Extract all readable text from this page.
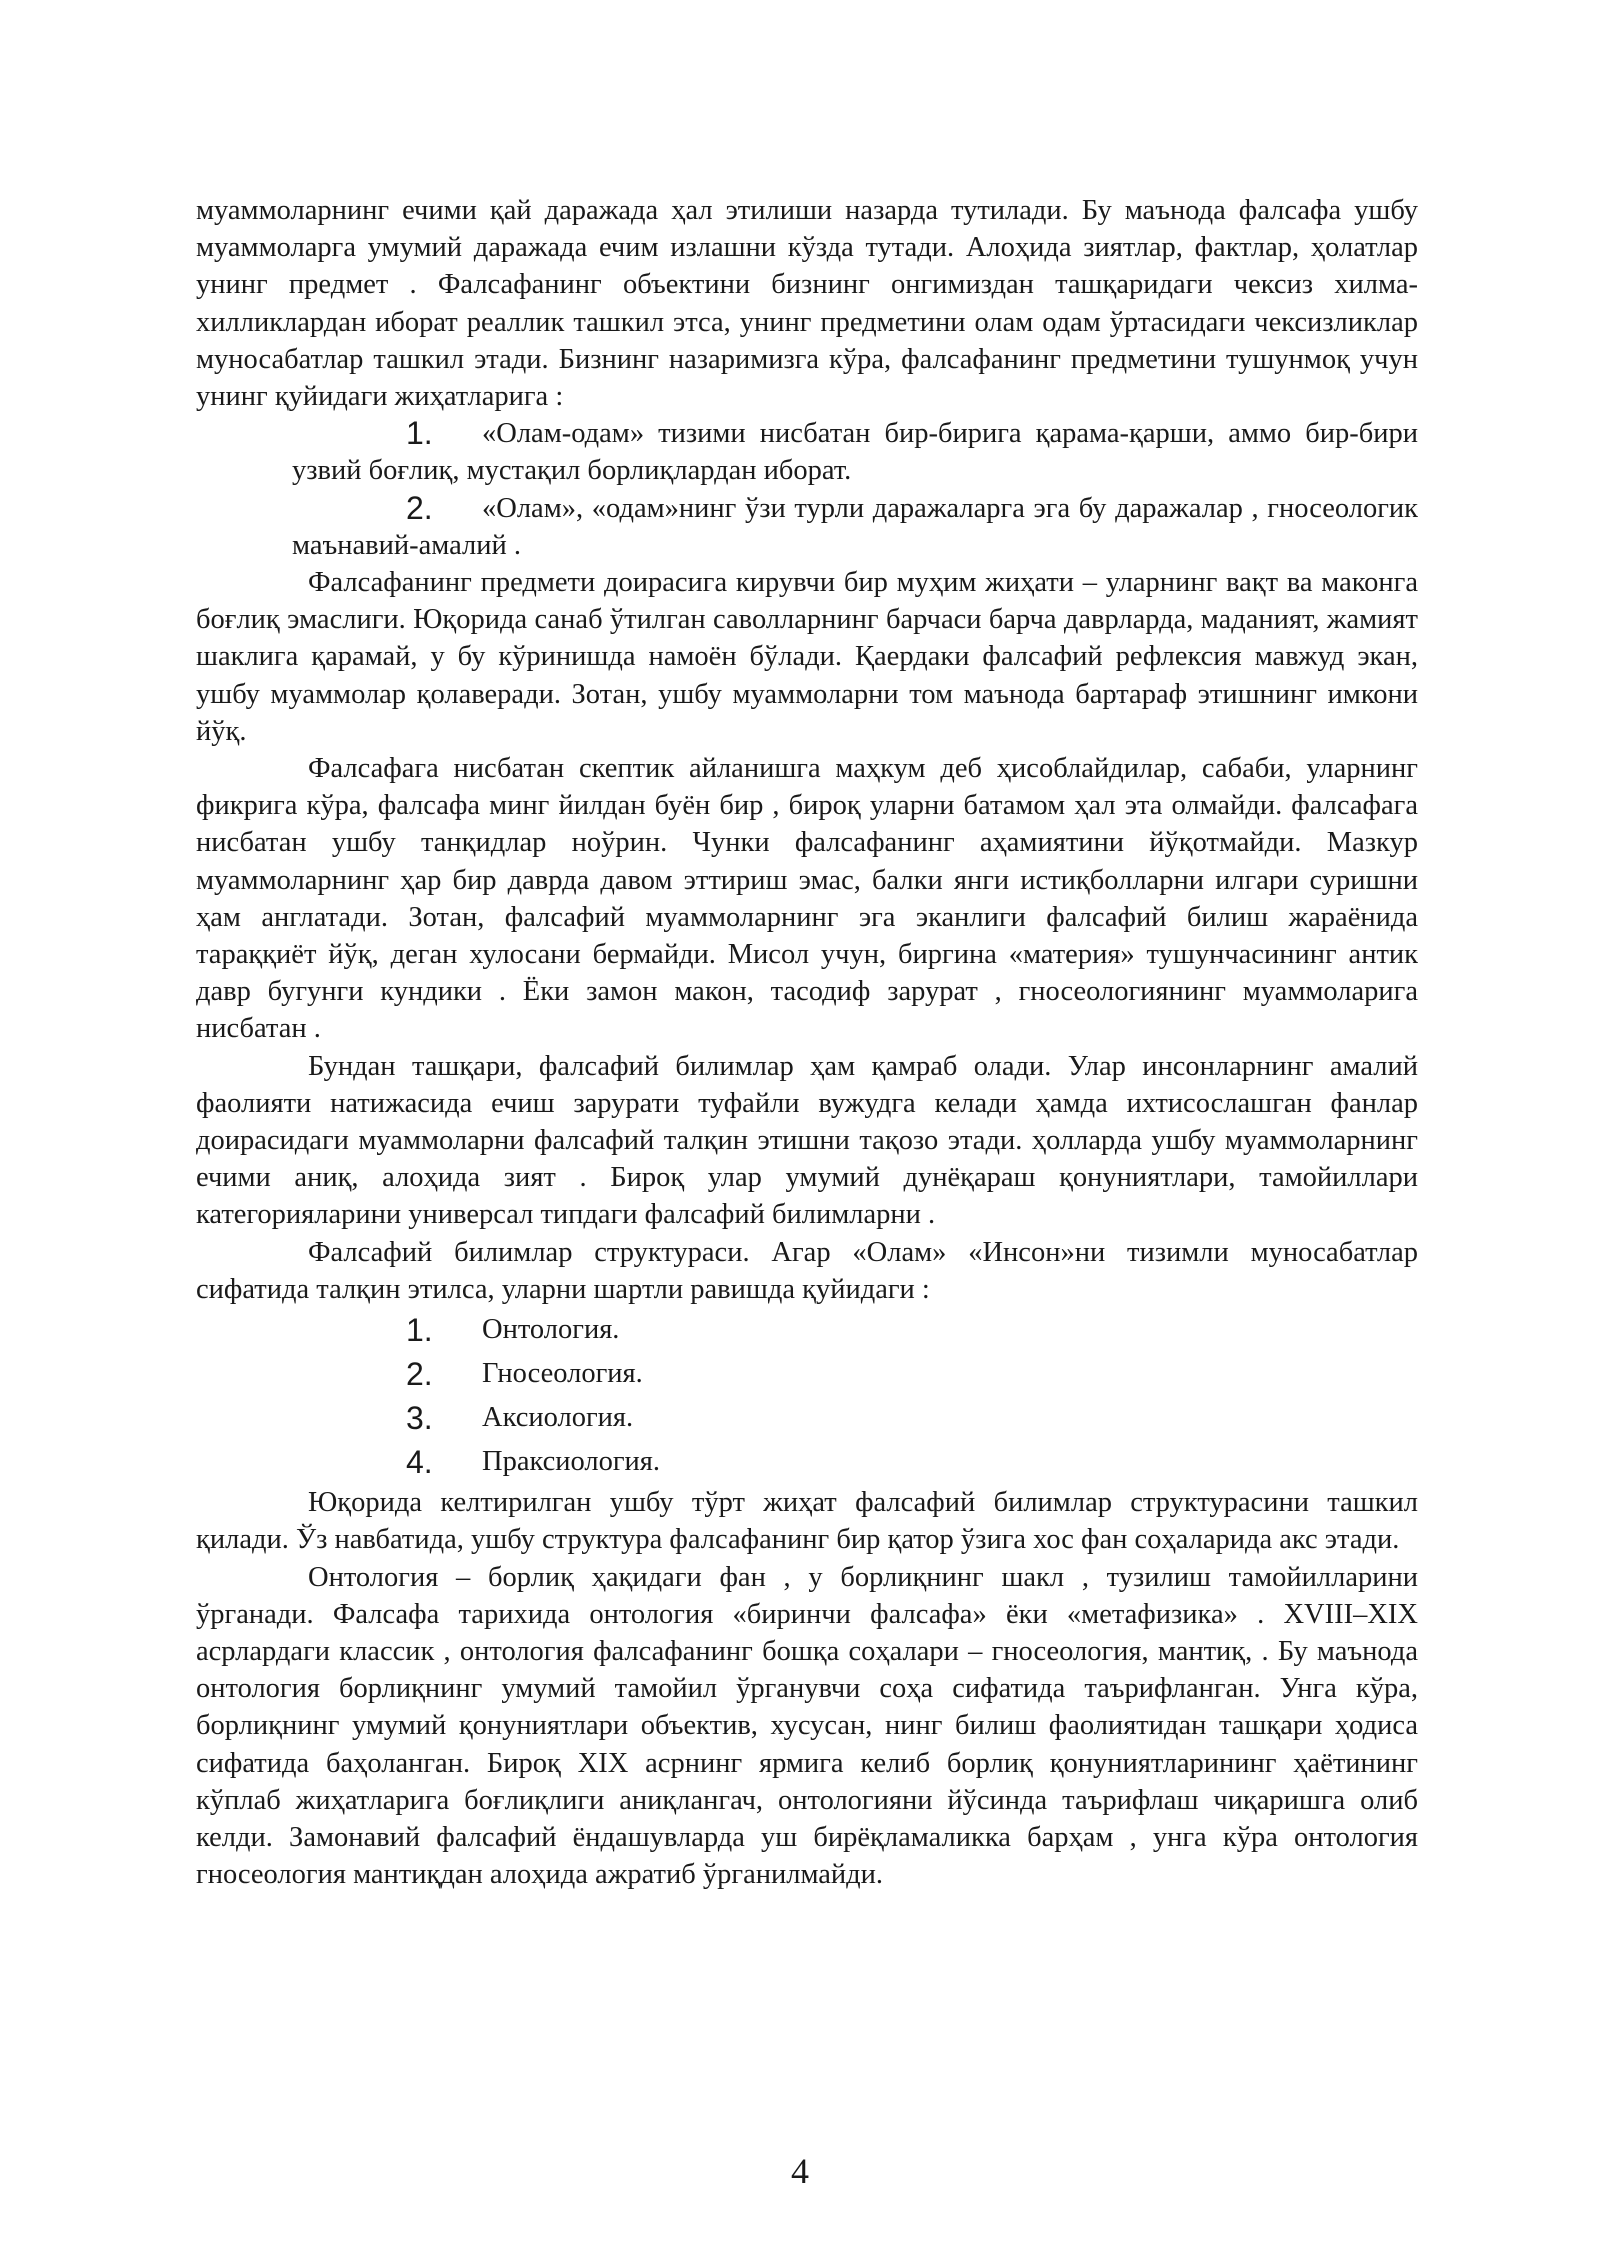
муаммоларнинг ечими қай даражада ҳал этилиши назарда тутилади. Бу маънода фалсафа ушбу муаммоларга умумий даражада ечим излашни кўзда тутади. Алоҳида зиятлар, фактлар, ҳолатлар унинг предмет . Фалсафанинг объектини бизнинг онгимиздан ташқаридаги чексиз хилма-хилликлардан иборат реаллик ташкил этса, унинг предметини олам одам ўртасидаги чексизликлар муносабатлар ташкил этади. Бизнинг назаримизга кўра, фалсафанинг предметини тушунмоқ учун унинг қуйидаги жиҳатларига :

1.	«Олам-одам» тизими нисбатан бир-бирига қарама-қарши, аммо бир-бири узвий боғлиқ, мустақил борлиқлардан иборат.
2.	«Олам», «одам»нинг ўзи турли даражаларга эга бу даражалар , гносеологик маънавий-амалий .

Фалсафанинг предмети доирасига кирувчи бир муҳим жиҳати – уларнинг вақт ва маконга боғлиқ эмаслиги. Юқорида санаб ўтилган саволларнинг барчаси барча даврларда, маданият, жамият шаклига қарамай, у бу кўринишда намоён бўлади. Қаердаки фалсафий рефлексия мавжуд экан, ушбу муаммолар қолаверади. Зотан, ушбу муаммоларни том маънода бартараф этишнинг имкони йўқ.

Фалсафага нисбатан скептик айланишга маҳкум деб ҳисоблайдилар, сабаби, уларнинг фикрига кўра, фалсафа минг йилдан буён бир , бироқ уларни батамом ҳал эта олмайди. фалсафага нисбатан ушбу танқидлар ноўрин. Чунки фалсафанинг аҳамиятини йўқотмайди. Мазкур муаммоларнинг ҳар бир даврда давом эттириш эмас, балки янги истиқболларни илгари суришни ҳам англатади. Зотан, фалсафий муаммоларнинг эга эканлиги фалсафий билиш жараёнида тараққиёт йўқ, деган хулосани бермайди. Мисол учун, биргина «материя» тушунчасининг антик давр бугунги кундики . Ёки замон макон, тасодиф зарурат , гносеологиянинг муаммоларига нисбатан .

Бундан ташқари, фалсафий билимлар ҳам қамраб олади. Улар инсонларнинг амалий фаолияти натижасида ечиш зарурати туфайли вужудга келади ҳамда ихтисослашган фанлар доирасидаги муаммоларни фалсафий талқин этишни тақозо этади. ҳолларда ушбу муаммоларнинг ечими аниқ, алоҳида зият . Бироқ улар умумий дунёқараш қонуниятлари, тамойиллари категорияларини универсал типдаги фалсафий билимларни .

Фалсафий билимлар структураси. Агар «Олам» «Инсон»ни тизимли муносабатлар сифатида талқин этилса, уларни шартли равишда қуйидаги :

1. Онтология.
2. Гносеология.
3. Аксиология.
4. Праксиология.

Юқорида келтирилган ушбу тўрт жиҳат фалсафий билимлар структурасини ташкил қилади. Ўз навбатида, ушбу структура фалсафанинг бир қатор ўзига хос фан соҳаларида акс этади.

Онтология – борлиқ ҳақидаги фан , у борлиқнинг шакл , тузилиш тамойилларини ўрганади. Фалсафа тарихида онтология «биринчи фалсафа» ёки «метафизика» . XVIII–XIX асрлардаги классик , онтология фалсафанинг бошқа соҳалари – гносеология, мантиқ, . Бу маънода онтология борлиқнинг умумий тамойил ўрганувчи соҳа сифатида таърифланган. Унга кўра, борлиқнинг умумий қонуниятлари объектив, хусусан, нинг билиш фаолиятидан ташқари ҳодиса сифатида баҳоланган. Бироқ XIX асрнинг ярмига келиб борлиқ қонуниятларининг ҳаётининг кўплаб жиҳатларига боғлиқлиги аниқлангач, онтологияни йўсинда таърифлаш чиқаришга олиб келди. Замонавий фалсафий ёндашувларда уш бирёқламаликка барҳам , унга кўра онтология гносеология мантиқдан алоҳида ажратиб ўрганилмайди.

4
